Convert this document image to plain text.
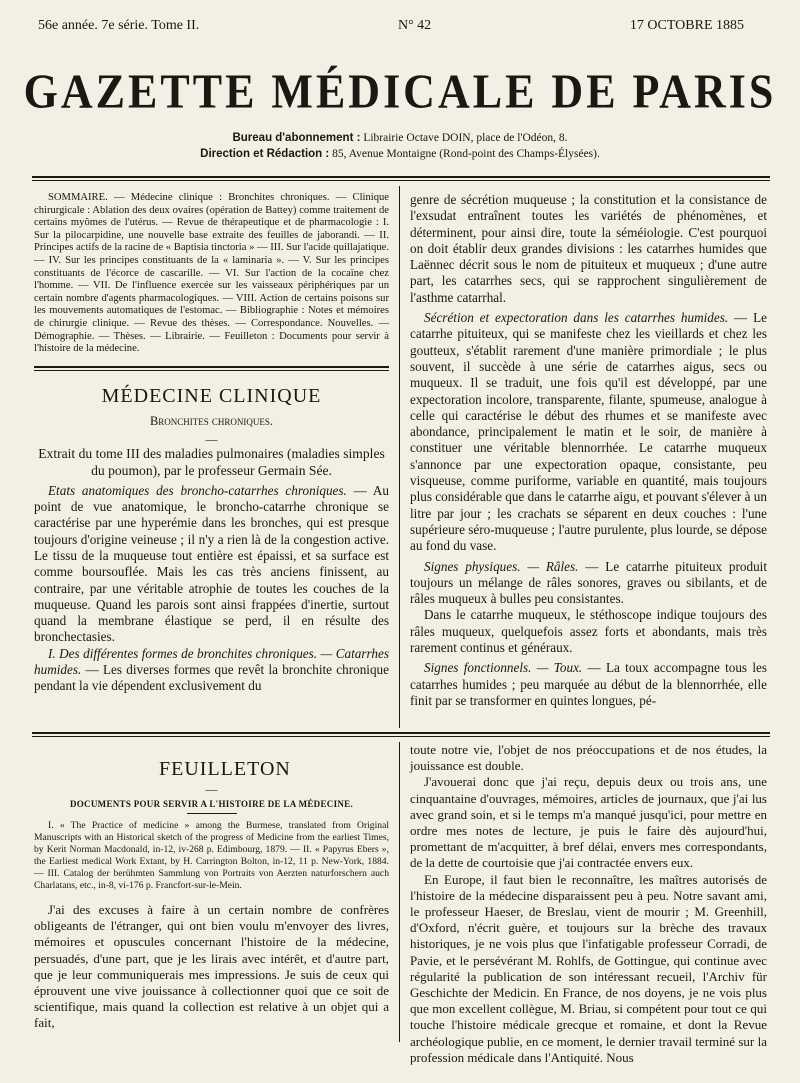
56e année. 7e série. Tome II.	N° 42	17 OCTOBRE 1885
GAZETTE MÉDICALE DE PARIS
Bureau d'abonnement : Librairie Octave DOIN, place de l'Odéon, 8.
Direction et Rédaction : 85, Avenue Montaigne (Rond-point des Champs-Élysées).

SOMMAIRE. — Médecine clinique : Bronchites chroniques. — Clinique chirurgicale : Ablation des deux ovaires (opération de Battey) comme traitement de certains myômes de l'utérus. — Revue de thérapeutique et de pharmacologie : I. Sur la pilocarpidine, une nouvelle base extraite des feuilles de jaborandi. — II. Principes actifs de la racine de « Baptisia tinctoria » — III. Sur l'acide quillajatique. — IV. Sur les principes constituants de la « laminaria ». — V. Sur les principes constituants de l'écorce de cascarille. — VI. Sur l'action de la cocaïne chez l'homme. — VII. De l'influence exercée sur les vaisseaux périphériques par un certain nombre d'agents pharmacologiques. — VIII. Action de certains poisons sur les mouvements automatiques de l'estomac. — Bibliographie : Notes et mémoires de chirurgie clinique. — Revue des thèses. — Correspondance. Nouvelles. — Démographie. — Thèses. — Librairie. — Feuilleton : Documents pour servir à l'histoire de la médecine.

MÉDECINE CLINIQUE

Bronchites chroniques.

—

Extrait du tome III des maladies pulmonaires (maladies simples du poumon), par le professeur Germain Sée.

Etats anatomiques des broncho-catarrhes chroniques. — Au point de vue anatomique, le broncho-catarrhe chronique se caractérise par une hyperémie dans les bronches, qui est presque toujours d'origine veineuse ; il n'y a rien là de la congestion active. Le tissu de la muqueuse tout entière est épaissi, et sa surface est comme boursouflée. Mais les cas très anciens finissent, au contraire, par une véritable atrophie de toutes les couches de la muqueuse. Quand les parois sont ainsi frappées d'inertie, surtout quand la membrane élastique se perd, il en résulte des bronchectasies.

I. Des différentes formes de bronchites chroniques. — Catarrhes humides. — Les diverses formes que revêt la bronchite chronique pendant la vie dépendent exclusivement du

genre de sécrétion muqueuse ; la constitution et la consistance de l'exsudat entraînent toutes les variétés de phénomènes, et déterminent, pour ainsi dire, toute la séméiologie. C'est pourquoi on doit établir deux grandes divisions : les catarrhes humides que Laënnec décrit sous le nom de pituiteux et muqueux ; d'une autre part, les catarrhes secs, qui se rapprochent singulièrement de l'asthme catarrhal.

Sécrétion et expectoration dans les catarrhes humides. — Le catarrhe pituiteux, qui se manifeste chez les vieillards et chez les goutteux, s'établit rarement d'une manière primordiale ; le plus souvent, il succède à une série de catarrhes aigus, secs ou muqueux. Il se traduit, une fois qu'il est développé, par une expectoration incolore, transparente, filante, spumeuse, analogue à celle qui caractérise le début des rhumes et se manifeste avec abondance, principalement le matin et le soir, de manière à constituer une véritable blennorrhée. Le catarrhe muqueux s'annonce par une expectoration opaque, consistante, peu visqueuse, comme puriforme, variable en quantité, mais toujours plus considérable que dans le catarrhe aigu, et pouvant s'élever à un litre par jour ; les crachats se séparent en deux couches : l'une supérieure séro-muqueuse ; l'autre purulente, plus lourde, se dépose au fond du vase.

Signes physiques. — Râles. — Le catarrhe pituiteux produit toujours un mélange de râles sonores, graves ou sibilants, et de râles muqueux à bulles peu consistantes.

Dans le catarrhe muqueux, le stéthoscope indique toujours des râles muqueux, quelquefois assez forts et abondants, mais très rarement continus et généraux.

Signes fonctionnels. — Toux. — La toux accompagne tous les catarrhes humides ; peu marquée au début de la blennorrhée, elle finit par se transformer en quintes longues, pé-

FEUILLETON

—

DOCUMENTS POUR SERVIR A L'HISTOIRE DE LA MÉDECINE.

I. « The Practice of medicine » among the Burmese, translated from Original Manuscripts with an Historical sketch of the progress of Medicine from the earliest Times, by Kerit Norman Macdonald, in-12, iv-268 p. Edimbourg, 1879. — II. « Papyrus Ebers », the Earliest medical Work Extant, by H. Carrington Bolton, in-12, 11 p. New-York, 1884. — III. Catalog der berühmten Sammlung von Portraits von Aerzten naturforschern auch Charlatans, etc., in-8, vi-176 p. Francfort-sur-le-Mein.

J'ai des excuses à faire à un certain nombre de confrères obligeants de l'étranger, qui ont bien voulu m'envoyer des livres, mémoires et opuscules concernant l'histoire de la médecine, persuadés, d'une part, que je les lirais avec intérêt, et d'autre part, que je leur communiquerais mes impressions. Je suis de ceux qui éprouvent une vive jouissance à collectionner quoi que ce soit de scientifique, mais quand la collection est relative à un objet qui a fait,

toute notre vie, l'objet de nos préoccupations et de nos études, la jouissance est double.

J'avouerai donc que j'ai reçu, depuis deux ou trois ans, une cinquantaine d'ouvrages, mémoires, articles de journaux, que j'ai lus avec grand soin, et si le temps m'a manqué jusqu'ici, pour mettre en ordre mes notes de lecture, je puis le faire dès aujourd'hui, promettant de m'acquitter, à bref délai, envers mes correspondants, de la dette de courtoisie que j'ai contractée envers eux.

En Europe, il faut bien le reconnaître, les maîtres autorisés de l'histoire de la médecine disparaissent peu à peu. Notre savant ami, le professeur Haeser, de Breslau, vient de mourir ; M. Greenhill, d'Oxford, n'écrit guère, et toujours sur la brèche des travaux historiques, je ne vois plus que l'infatigable professeur Corradi, de Pavie, et le persévérant M. Rohlfs, de Gottingue, qui continue avec régularité la publication de son intéressant recueil, l'Archiv für Geschichte der Medicin. En France, de nos doyens, je ne vois plus que mon excellent collègue, M. Briau, si compétent pour tout ce qui touche l'histoire médicale grecque et romaine, et dont la Revue archéologique publie, en ce moment, le dernier travail terminé sur la profession médicale dans l'Antiquité. Nous
